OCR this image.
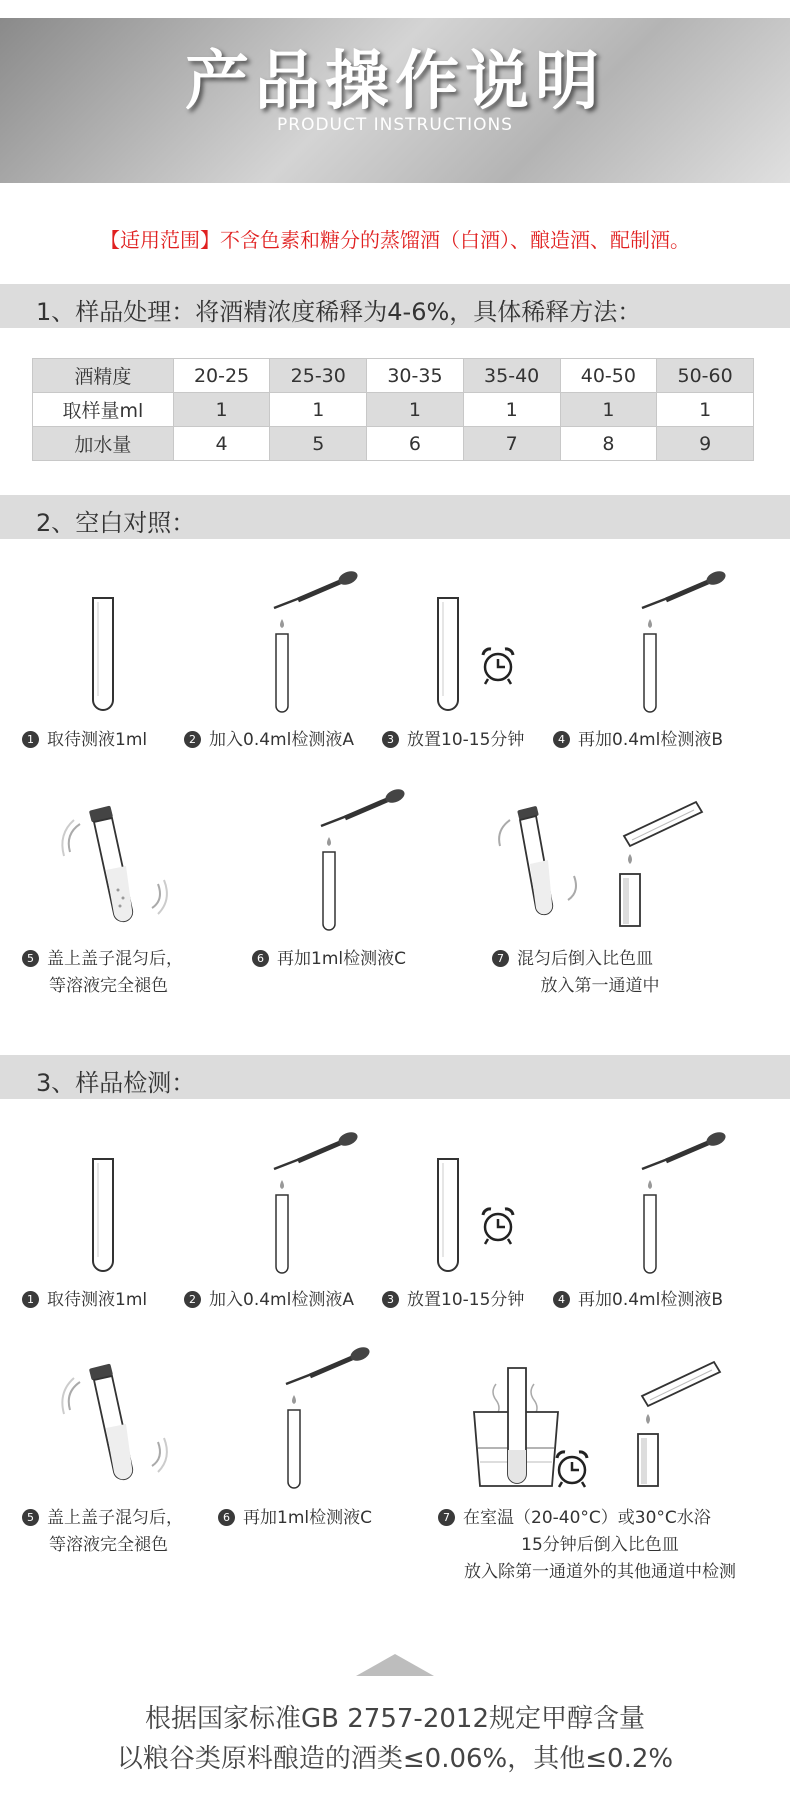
产品操作说明
PRODUCT INSTRUCTIONS
【适用范围】不含色素和糖分的蒸馏酒（白酒）、酿造酒、配制酒。
1、样品处理：将酒精浓度稀释为4-6%，具体稀释方法：
酒精度	20-25	25-30	30-35	35-40	40-50	50-60
取样量ml	1	1	1	1	1	1
加水量	4	5	6	7	8	9
2、空白对照：
1 取待测液1ml	2 加入0.4ml检测液A	3 放置10-15分钟	4 再加0.4ml检测液B
5 盖上盖子混匀后，
等溶液完全褪色
6 再加1ml检测液C	7 混匀后倒入比色皿
放入第一通道中
3、样品检测：
1 取待测液1ml	2 加入0.4ml检测液A	3 放置10-15分钟	4 再加0.4ml检测液B
5 盖上盖子混匀后，
等溶液完全褪色
6 再加1ml检测液C	7 在室温（20-40°C）或30°C水浴
15分钟后倒入比色皿
放入除第一通道外的其他通道中检测
根据国家标准GB 2757-2012规定甲醇含量
以粮谷类原料酿造的酒类≤0.06%，其他≤0.2%
